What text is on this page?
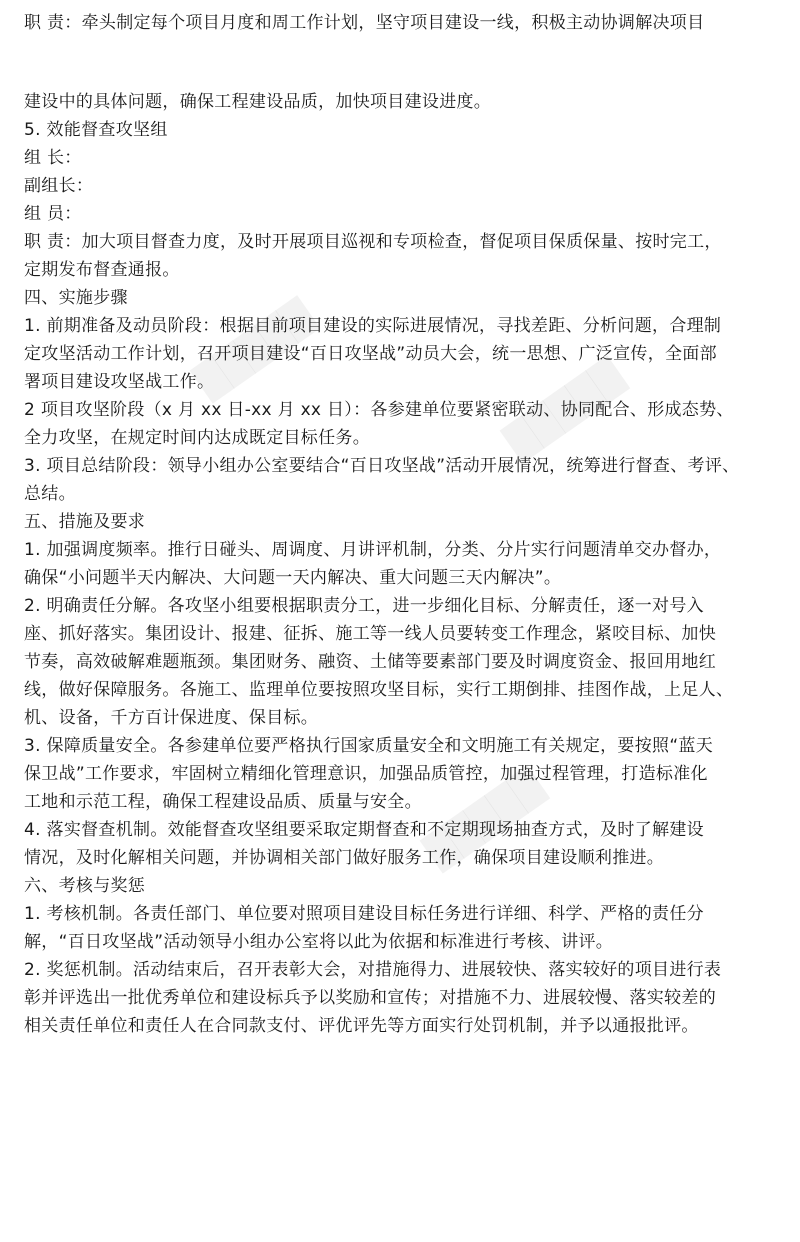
█████
█████
█████
职 责：牵头制定每个项目月度和周工作计划，坚守项目建设一线，积极主动协调解决项目
建设中的具体问题，确保工程建设品质，加快项目建设进度。
5. 效能督查攻坚组
组 长：
副组长：
组 员：
职 责：加大项目督查力度，及时开展项目巡视和专项检查，督促项目保质保量、按时完工，
定期发布督查通报。
四、实施步骤
1. 前期准备及动员阶段：根据目前项目建设的实际进展情况，寻找差距、分析问题，合理制
定攻坚活动工作计划，召开项目建设“百日攻坚战”动员大会，统一思想、广泛宣传，全面部
署项目建设攻坚战工作。
2 项目攻坚阶段（x 月 xx 日-xx 月 xx 日）：各参建单位要紧密联动、协同配合、形成态势、
全力攻坚，在规定时间内达成既定目标任务。
3. 项目总结阶段：领导小组办公室要结合“百日攻坚战”活动开展情况，统筹进行督查、考评、
总结。
五、措施及要求
1. 加强调度频率。推行日碰头、周调度、月讲评机制，分类、分片实行问题清单交办督办，
确保“小问题半天内解决、大问题一天内解决、重大问题三天内解决”。
2. 明确责任分解。各攻坚小组要根据职责分工，进一步细化目标、分解责任，逐一对号入
座、抓好落实。集团设计、报建、征拆、施工等一线人员要转变工作理念，紧咬目标、加快
节奏，高效破解难题瓶颈。集团财务、融资、土储等要素部门要及时调度资金、报回用地红
线，做好保障服务。各施工、监理单位要按照攻坚目标，实行工期倒排、挂图作战，上足人、
机、设备，千方百计保进度、保目标。
3. 保障质量安全。各参建单位要严格执行国家质量安全和文明施工有关规定，要按照“蓝天
保卫战”工作要求，牢固树立精细化管理意识，加强品质管控，加强过程管理，打造标准化
工地和示范工程，确保工程建设品质、质量与安全。
4. 落实督查机制。效能督查攻坚组要采取定期督查和不定期现场抽查方式，及时了解建设
情况，及时化解相关问题，并协调相关部门做好服务工作，确保项目建设顺利推进。
六、考核与奖惩
1. 考核机制。各责任部门、单位要对照项目建设目标任务进行详细、科学、严格的责任分
解，“百日攻坚战”活动领导小组办公室将以此为依据和标准进行考核、讲评。
2. 奖惩机制。活动结束后，召开表彰大会，对措施得力、进展较快、落实较好的项目进行表
彰并评选出一批优秀单位和建设标兵予以奖励和宣传；对措施不力、进展较慢、落实较差的
相关责任单位和责任人在合同款支付、评优评先等方面实行处罚机制，并予以通报批评。
